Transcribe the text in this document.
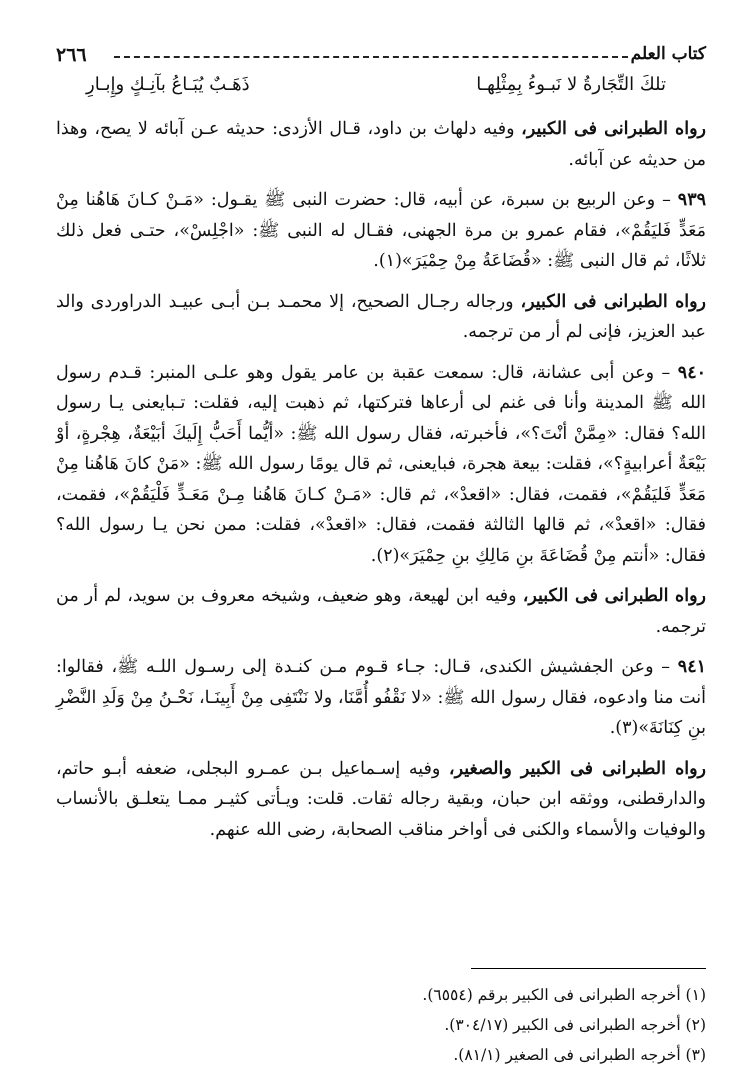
كتاب العلم
٢٦٦
تلكَ التِّجَارةُ لا نَبـوءُ بِمِثْلِهـا
ذَهَـبٌ يُبَـاعُ بآنِـكٍ وإِبـارِ

رواه الطبرانى فى الكبير، وفيه دلهاث بن داود، قـال الأزدى: حديثه عـن آبائه لا يصح، وهذا من حديثه عن آبائه.

٩٣٩ – وعن الربيع بن سبرة، عن أبيه، قال: حضرت النبى ﷺ يقـول: «مَـنْ كـانَ هَاهُنا مِنْ مَعَدٍّ فَليَقُمْ»، فقام عمرو بن مرة الجهنى، فقـال له النبى ﷺ: «اجْلِسْ»، حتـى فعل ذلك ثلاثًا، ثم قال النبى ﷺ: «قُضَاعَةُ مِنْ حِمْيَرَ»(١).

رواه الطبرانى فى الكبير، ورجاله رجـال الصحيح، إلا محمـد بـن أبـى عبيـد الدراوردى والد عبد العزيز، فإنى لم أر من ترجمه.

٩٤٠ – وعن أبى عشانة، قال: سمعت عقبة بن عامر يقول وهو علـى المنبر: قـدم رسول الله ﷺ المدينة وأنا فى غنم لى أرعاها فتركتها، ثم ذهبت إليه، فقلت: تـبايعنى يـا رسول الله؟ فقال: «مِمَّنْ أنْتَ؟»، فأخبرته، فقال رسول الله ﷺ: «أيُّما أَحَبُّ إِلَيكَ أبَيْعَةٌ، هِجْرةٍ، أوْ بَيْعَةٌ أعرابيةٍ؟»، فقلت: بيعة هجرة، فبايعنى، ثم قال يومًا رسول الله ﷺ: «مَنْ كانَ هَاهُنا مِنْ مَعَدٍّ فَليَقُمْ»، فقمت، فقال: «اقعدْ»، ثم قال: «مَـنْ كـانَ هَاهُنا مِـنْ مَعَـدٍّ فَلْيَقُمْ»، فقمت، فقال: «اقعدْ»، ثم قالها الثالثة فقمت، فقال: «اقعدْ»، فقلت: ممن نحن يـا رسول الله؟ فقال: «أنتم مِنْ قُضَاعَةَ بنِ مَالِكِ بنِ حِمْيَرَ»(٢).

رواه الطبرانى فى الكبير، وفيه ابن لهيعة، وهو ضعيف، وشيخه معروف بن سويد، لم أر من ترجمه.

٩٤١ – وعن الجفشيش الكندى، قـال: جـاء قـوم مـن كنـدة إلى رسـول اللـه ﷺ، فقالوا: أنت منا وادعوه، فقال رسول الله ﷺ: «لا نَقْفُو أُمَّنَا، ولا نَنْتَفِى مِنْ أَبِينَـا، نَحْـنُ مِنْ وَلَدِ النَّضْرِ بنِ كِنَانَةَ»(٣).

رواه الطبرانى فى الكبير والصغير، وفيه إسـماعيل بـن عمـرو البجلى، ضعفه أبـو حاتم، والدارقطنى، ووثقه ابن حبان، وبقية رجاله ثقات. قلت: ويـأتى كثيـر ممـا يتعلـق بالأنساب والوفيات والأسماء والكنى فى أواخر مناقب الصحابة، رضى الله عنهم.

(١) أخرجه الطبرانى فى الكبير برقم (٦٥٥٤).
(٢) أخرجه الطبرانى فى الكبير (٣٠٤/١٧).
(٣) أخرجه الطبرانى فى الصغير (٨١/١).
